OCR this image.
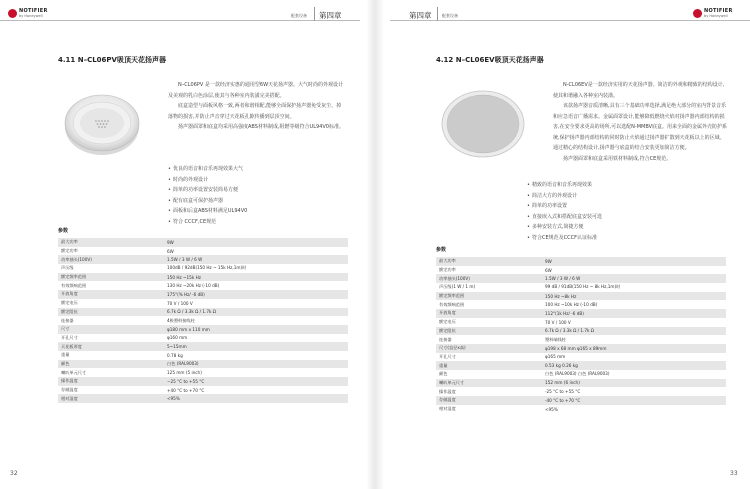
NOTIFIER
by Honeywell	配套设备 第四章
4.11 N–CL06PV吸顶天花扬声器

N–CL06PV 是一款经济实惠的通用型6W天花扬声器。大气时尚的外观设计及美观的乳白色涂层,使其与各种室内装潢完美搭配。

底盒造型与面板风格一致,两者和谐相配,能够全面保护扬声器免受灰尘、掉落物的损害,并防止声音穿过天花板孔隙传播到层顶空间。

扬声器面罩和底盒均采用高强度ABS材料制成,阻燃等级符合UL94V0标准。

• 优良的语音和音乐再现效果大气
• 时尚的外观设计
• 简单的功率设置安装简易方便
• 配有底盒可保护扬声器
• 面板和后盒ABS材料满足UL94V0
• 符合 CCCF,CE规范
参数
最大功率	9W
额定功率	6W
功率抽头(100V)	1.5W / 3 W / 6 W
声压级	100dB / 92dB(150 Hz ~ 15k Hz,1m)时
额定频率范围	150 Hz ~15k Hz
有效频响范围	130 Hz ~20k Hz (-10 dB)
开放角度	175°(% Hz/ -6 dB)
额定电压	70 V / 100 V
额定阻抗	6.7k Ω / 3.3k Ω / 1.7k Ω
连接器	4极塑料接线柱
尺寸	φ180 mm x 110 mm
开孔尺寸	φ160 mm
天花板厚度	5~15mm
重量	0.78 kg
颜色	白色 (RAL9003)
喇叭单元尺寸	125 mm (5 inch)
操作温度	−25 °C to +55 °C
存储温度	+40 °C to +70 °C
相对湿度	<95%
32
第四章	配套设备
NOTIFIER
by Honeywell
4.12 N–CL06EV吸顶天花扬声器

N-CL06EV是一款经济实用的天花扬声器。简洁的外观和精致的结构设计,使其和谐融入各种室内装潢。

该款扬声器音质清晰,具有三个基础功率选择,满足绝大部分的室内背景音乐和应急语音广播需求。金属面罩设计,能够降低燃烧火焰对扬声器内部结构的损害,在安全要求更高的场所,可以选配N-MMBV底盒。用来全面的金属外壳防护系统,保护扬声器内部结构的同时防止火焰通过扬声器扩散到天花板以上的区域。通过精心的结构设计,扬声器与底盒的结合安装更加简洁方便。

扬声器面罩和底盒采用铁材料制成,符合CE规范。

• 精致的语音和音乐再现效果
• 简洁大方的外观设计
• 简单的功率设置
• 直接嵌入式和搭配底盒安装可选
• 多种安装方式,简捷方便
• 符合CE规范及CCCF认证标准
参数
最大功率	9W
额定功率	6W
功率抽头(100V)	1.5W / 3 W / 6 W
声压级(1 W / 1 m)	99 dB / 91dB(150 Hz ~ 8k Hz,1m)时
额定频率范围	150 Hz ~8k Hz
有效频响范围	100 Hz ~10k Hz (-10 dB)
开放角度	112°(1k Hz/ -6 dB)
额定电压	70 V / 100 V
额定阻抗	6.7k Ω / 3.3k Ω / 1.7k Ω
连接器	塑料端线柱
尺寸(直径x高)	φ198 x 68 mm φ165 x 89mm
开孔尺寸	φ165 mm
重量	0.53 kg 0.26 kg
颜色	白色 (RAL9003) 白色 (RAL9003)
喇叭单元尺寸	152 mm (6 inch)
操作温度	-25 °C to +55 °C
存储温度	-40 °C to +70 °C
相对湿度	<95%
33
